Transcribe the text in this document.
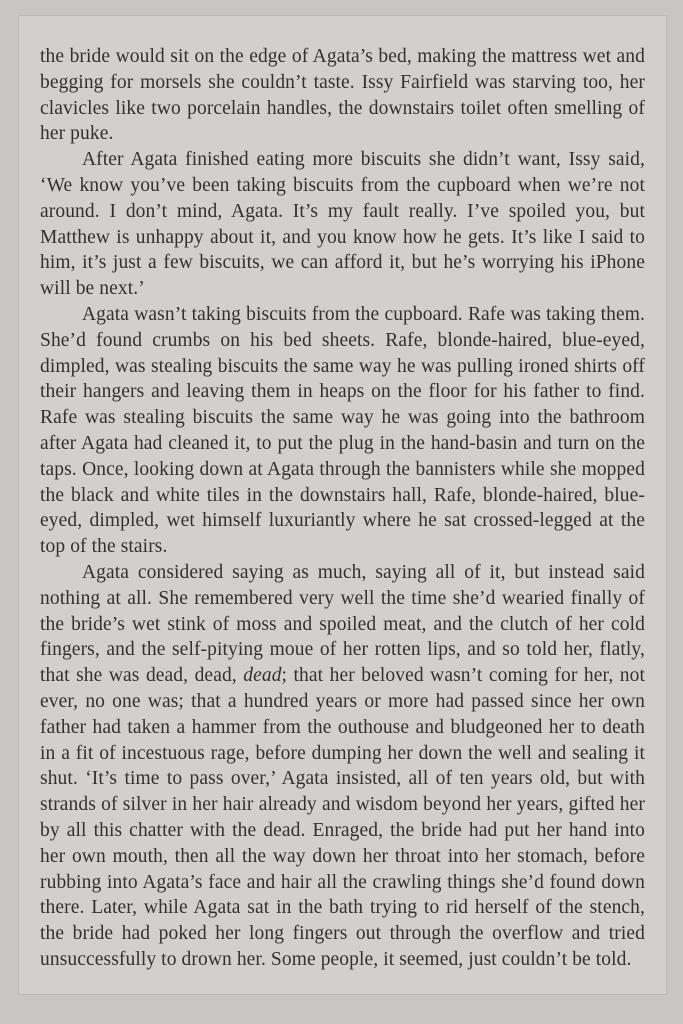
the bride would sit on the edge of Agata’s bed, making the mattress wet and begging for morsels she couldn’t taste. Issy Fairfield was starving too, her clavicles like two porcelain handles, the downstairs toilet often smelling of her puke.

After Agata finished eating more biscuits she didn’t want, Issy said, ‘We know you’ve been taking biscuits from the cupboard when we’re not around. I don’t mind, Agata. It’s my fault really. I’ve spoiled you, but Matthew is unhappy about it, and you know how he gets. It’s like I said to him, it’s just a few biscuits, we can afford it, but he’s worrying his iPhone will be next.’

Agata wasn’t taking biscuits from the cupboard. Rafe was taking them. She’d found crumbs on his bed sheets. Rafe, blonde-haired, blue-eyed, dimpled, was stealing biscuits the same way he was pulling ironed shirts off their hangers and leaving them in heaps on the floor for his father to find. Rafe was stealing biscuits the same way he was going into the bathroom after Agata had cleaned it, to put the plug in the hand-basin and turn on the taps. Once, looking down at Agata through the bannisters while she mopped the black and white tiles in the downstairs hall, Rafe, blonde-haired, blue-eyed, dimpled, wet himself luxuriantly where he sat crossed-legged at the top of the stairs.

Agata considered saying as much, saying all of it, but instead said nothing at all. She remembered very well the time she’d wearied finally of the bride’s wet stink of moss and spoiled meat, and the clutch of her cold fingers, and the self-pitying moue of her rotten lips, and so told her, flatly, that she was dead, dead, dead; that her beloved wasn’t coming for her, not ever, no one was; that a hundred years or more had passed since her own father had taken a hammer from the outhouse and bludgeoned her to death in a fit of incestuous rage, before dumping her down the well and sealing it shut. ‘It’s time to pass over,’ Agata insisted, all of ten years old, but with strands of silver in her hair already and wisdom beyond her years, gifted her by all this chatter with the dead. Enraged, the bride had put her hand into her own mouth, then all the way down her throat into her stomach, before rubbing into Agata’s face and hair all the crawling things she’d found down there. Later, while Agata sat in the bath trying to rid herself of the stench, the bride had poked her long fingers out through the overflow and tried unsuccessfully to drown her. Some people, it seemed, just couldn’t be told.
